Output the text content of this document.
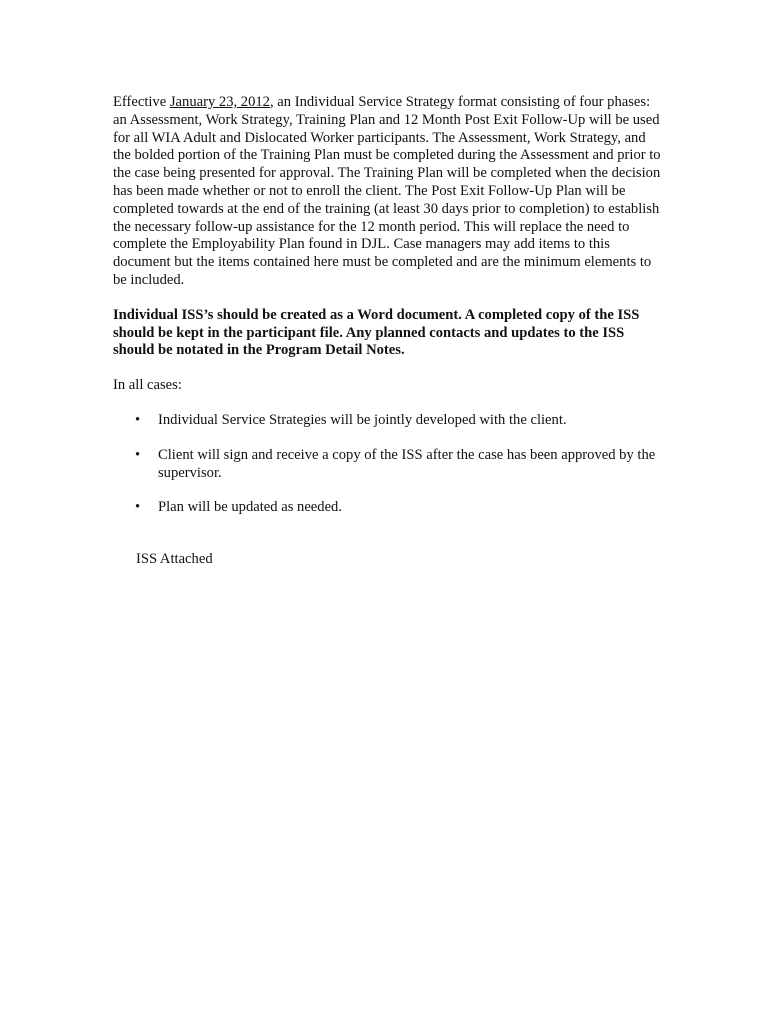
Effective January 23, 2012, an Individual Service Strategy format consisting of four phases: an Assessment, Work Strategy, Training Plan and 12 Month Post Exit Follow-Up will be used for all WIA Adult and Dislocated Worker participants. The Assessment, Work Strategy, and the bolded portion of the Training Plan must be completed during the Assessment and prior to the case being presented for approval. The Training Plan will be completed when the decision has been made whether or not to enroll the client. The Post Exit Follow-Up Plan will be completed towards at the end of the training (at least 30 days prior to completion) to establish the necessary follow-up assistance for the 12 month period. This will replace the need to complete the Employability Plan found in DJL. Case managers may add items to this document but the items contained here must be completed and are the minimum elements to be included.

Individual ISS’s should be created as a Word document. A completed copy of the ISS should be kept in the participant file. Any planned contacts and updates to the ISS should be notated in the Program Detail Notes.

In all cases:

• Individual Service Strategies will be jointly developed with the client.
• Client will sign and receive a copy of the ISS after the case has been approved by the supervisor.
• Plan will be updated as needed.

ISS Attached
